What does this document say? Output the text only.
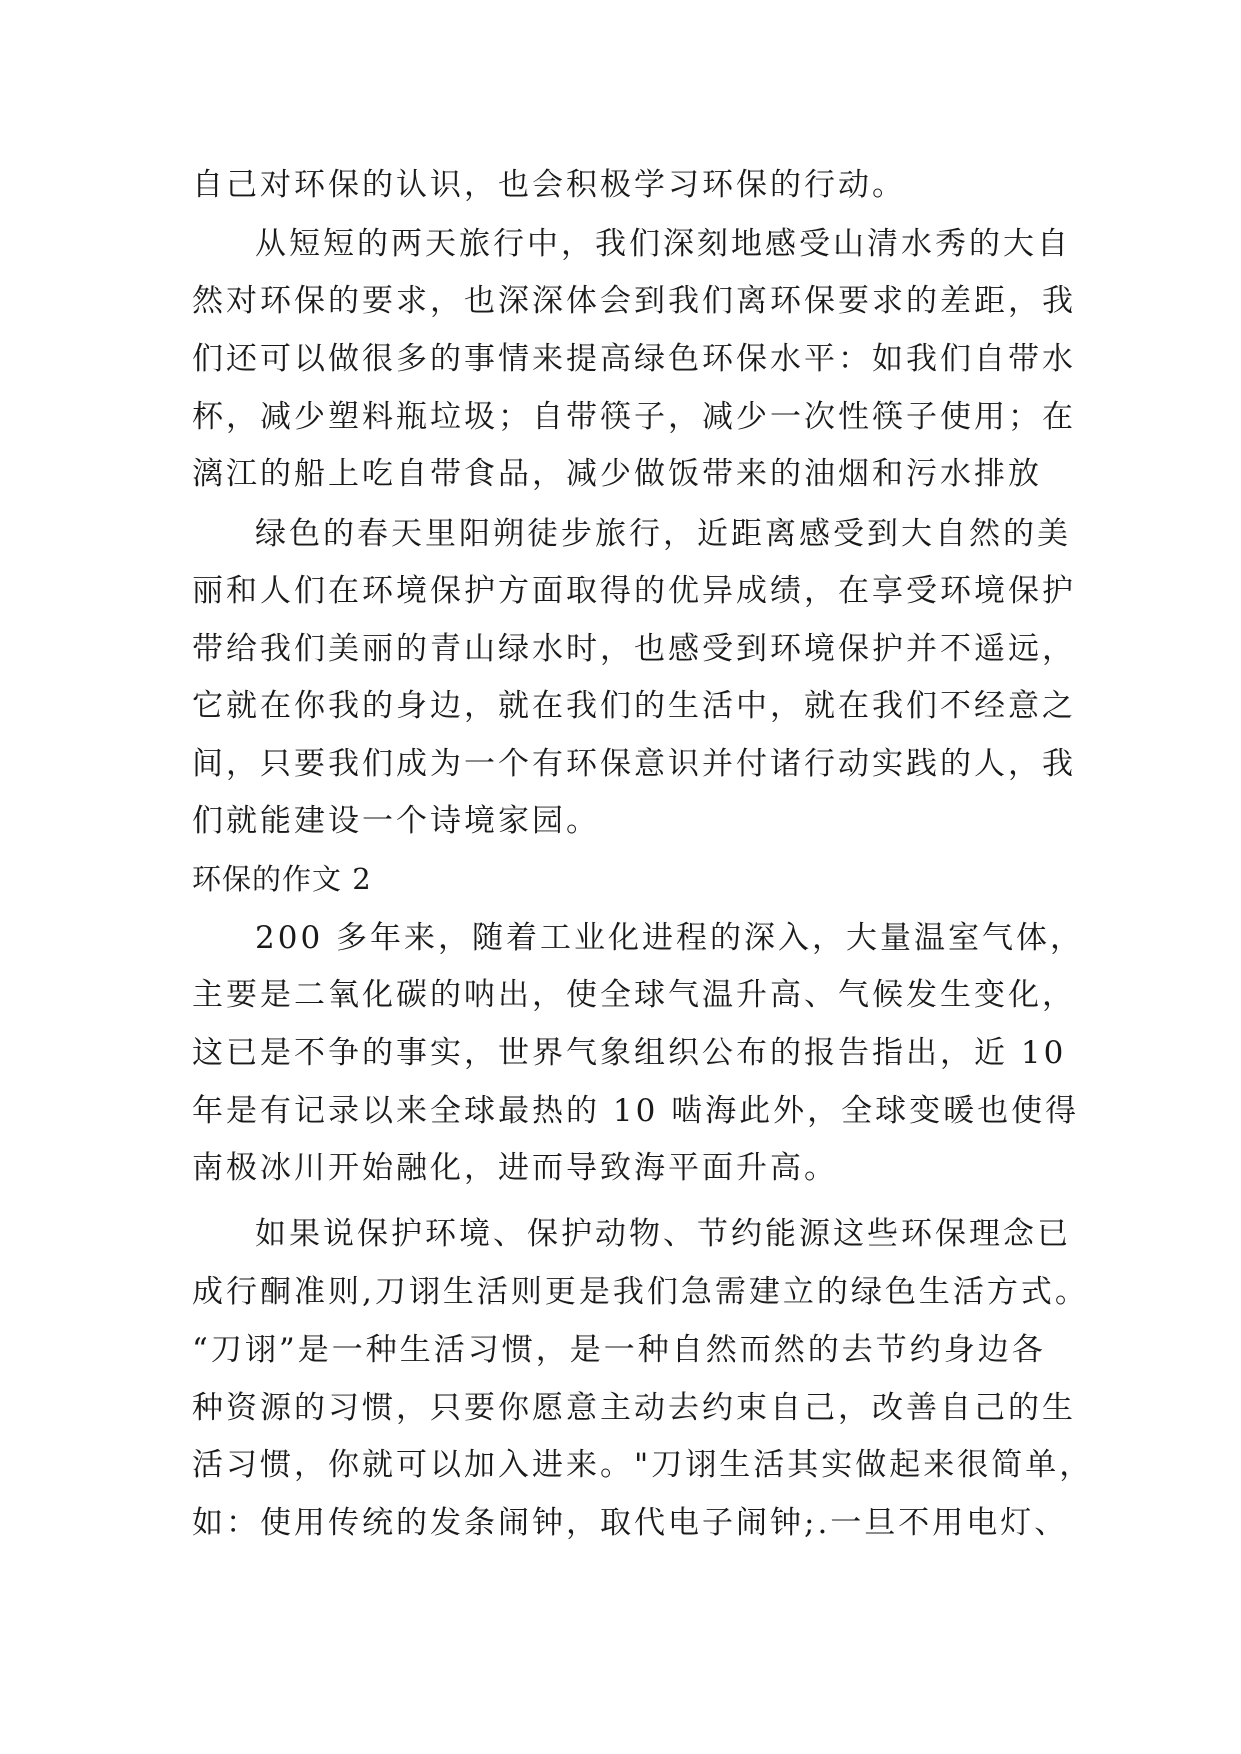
自己对环保的认识，也会积极学习环保的行动。
从短短的两天旅行中，我们深刻地感受山清水秀的大自
然对环保的要求，也深深体会到我们离环保要求的差距，我
们还可以做很多的事情来提高绿色环保水平：如我们自带水
杯，减少塑料瓶垃圾；自带筷子，减少一次性筷子使用；在
漓江的船上吃自带食品，减少做饭带来的油烟和污水排放
绿色的春天里阳朔徒步旅行，近距离感受到大自然的美
丽和人们在环境保护方面取得的优异成绩，在享受环境保护
带给我们美丽的青山绿水时，也感受到环境保护并不遥远，
它就在你我的身边，就在我们的生活中，就在我们不经意之
间，只要我们成为一个有环保意识并付诸行动实践的人，我
们就能建设一个诗境家园。
环保的作文 2
200 多年来，随着工业化进程的深入，大量温室气体，
主要是二氧化碳的呐出，使全球气温升高、气候发生变化，
这已是不争的事实，世界气象组织公布的报告指出，近 10
年是有记录以来全球最热的 10 啮海此外，全球变暖也使得
南极冰川开始融化，进而导致海平面升高。
如果说保护环境、保护动物、节约能源这些环保理念已
成行酮准则,刀诩生活则更是我们急需建立的绿色生活方式。
“刀诩”是一种生活习惯，是一种自然而然的去节约身边各
种资源的习惯，只要你愿意主动去约束自己，改善自己的生
活习惯，你就可以加入进来。"刀诩生活其实做起来很简单，
如：使用传统的发条闹钟，取代电子闹钟;.一旦不用电灯、
